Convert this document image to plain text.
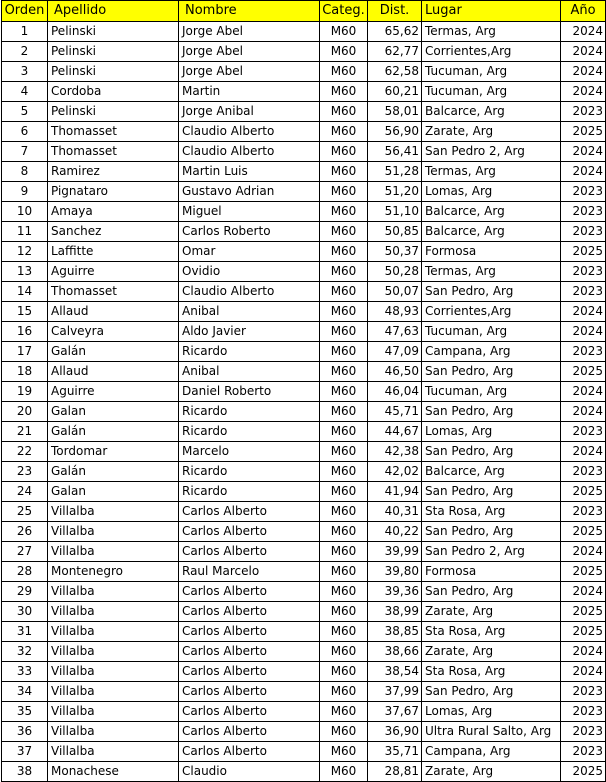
Orden	Apellido	Nombre	Categ.	Dist.	Lugar	Año
1	Pelinski	Jorge Abel	M60	65,62	Termas, Arg	2024
2	Pelinski	Jorge Abel	M60	62,77	Corrientes,Arg	2024
3	Pelinski	Jorge Abel	M60	62,58	Tucuman, Arg	2024
4	Cordoba	Martin	M60	60,21	Tucuman, Arg	2024
5	Pelinski	Jorge Anibal	M60	58,01	Balcarce, Arg	2023
6	Thomasset	Claudio Alberto	M60	56,90	Zarate, Arg	2025
7	Thomasset	Claudio Alberto	M60	56,41	San Pedro 2, Arg	2024
8	Ramirez	Martin Luis	M60	51,28	Termas, Arg	2024
9	Pignataro	Gustavo Adrian	M60	51,20	Lomas, Arg	2023
10	Amaya	Miguel	M60	51,10	Balcarce, Arg	2023
11	Sanchez	Carlos Roberto	M60	50,85	Balcarce, Arg	2023
12	Laffitte	Omar	M60	50,37	Formosa	2025
13	Aguirre	Ovidio	M60	50,28	Termas, Arg	2023
14	Thomasset	Claudio Alberto	M60	50,07	San Pedro, Arg	2023
15	Allaud	Anibal	M60	48,93	Corrientes,Arg	2024
16	Calveyra	Aldo Javier	M60	47,63	Tucuman, Arg	2024
17	Galán	Ricardo	M60	47,09	Campana, Arg	2023
18	Allaud	Anibal	M60	46,50	San Pedro, Arg	2025
19	Aguirre	Daniel Roberto	M60	46,04	Tucuman, Arg	2024
20	Galan	Ricardo	M60	45,71	San Pedro, Arg	2024
21	Galán	Ricardo	M60	44,67	Lomas, Arg	2023
22	Tordomar	Marcelo	M60	42,38	San Pedro, Arg	2024
23	Galán	Ricardo	M60	42,02	Balcarce, Arg	2023
24	Galan	Ricardo	M60	41,94	San Pedro, Arg	2025
25	Villalba	Carlos Alberto	M60	40,31	Sta Rosa, Arg	2023
26	Villalba	Carlos Alberto	M60	40,22	San Pedro, Arg	2025
27	Villalba	Carlos Alberto	M60	39,99	San Pedro 2, Arg	2024
28	Montenegro	Raul Marcelo	M60	39,80	Formosa	2025
29	Villalba	Carlos Alberto	M60	39,36	San Pedro, Arg	2024
30	Villalba	Carlos Alberto	M60	38,99	Zarate, Arg	2025
31	Villalba	Carlos Alberto	M60	38,85	Sta Rosa, Arg	2025
32	Villalba	Carlos Alberto	M60	38,66	Zarate, Arg	2024
33	Villalba	Carlos Alberto	M60	38,54	Sta Rosa, Arg	2024
34	Villalba	Carlos Alberto	M60	37,99	San Pedro, Arg	2023
35	Villalba	Carlos Alberto	M60	37,67	Lomas, Arg	2023
36	Villalba	Carlos Alberto	M60	36,90	Ultra Rural Salto, Arg	2023
37	Villalba	Carlos Alberto	M60	35,71	Campana, Arg	2023
38	Monachese	Claudio	M60	28,81	Zarate, Arg	2025
